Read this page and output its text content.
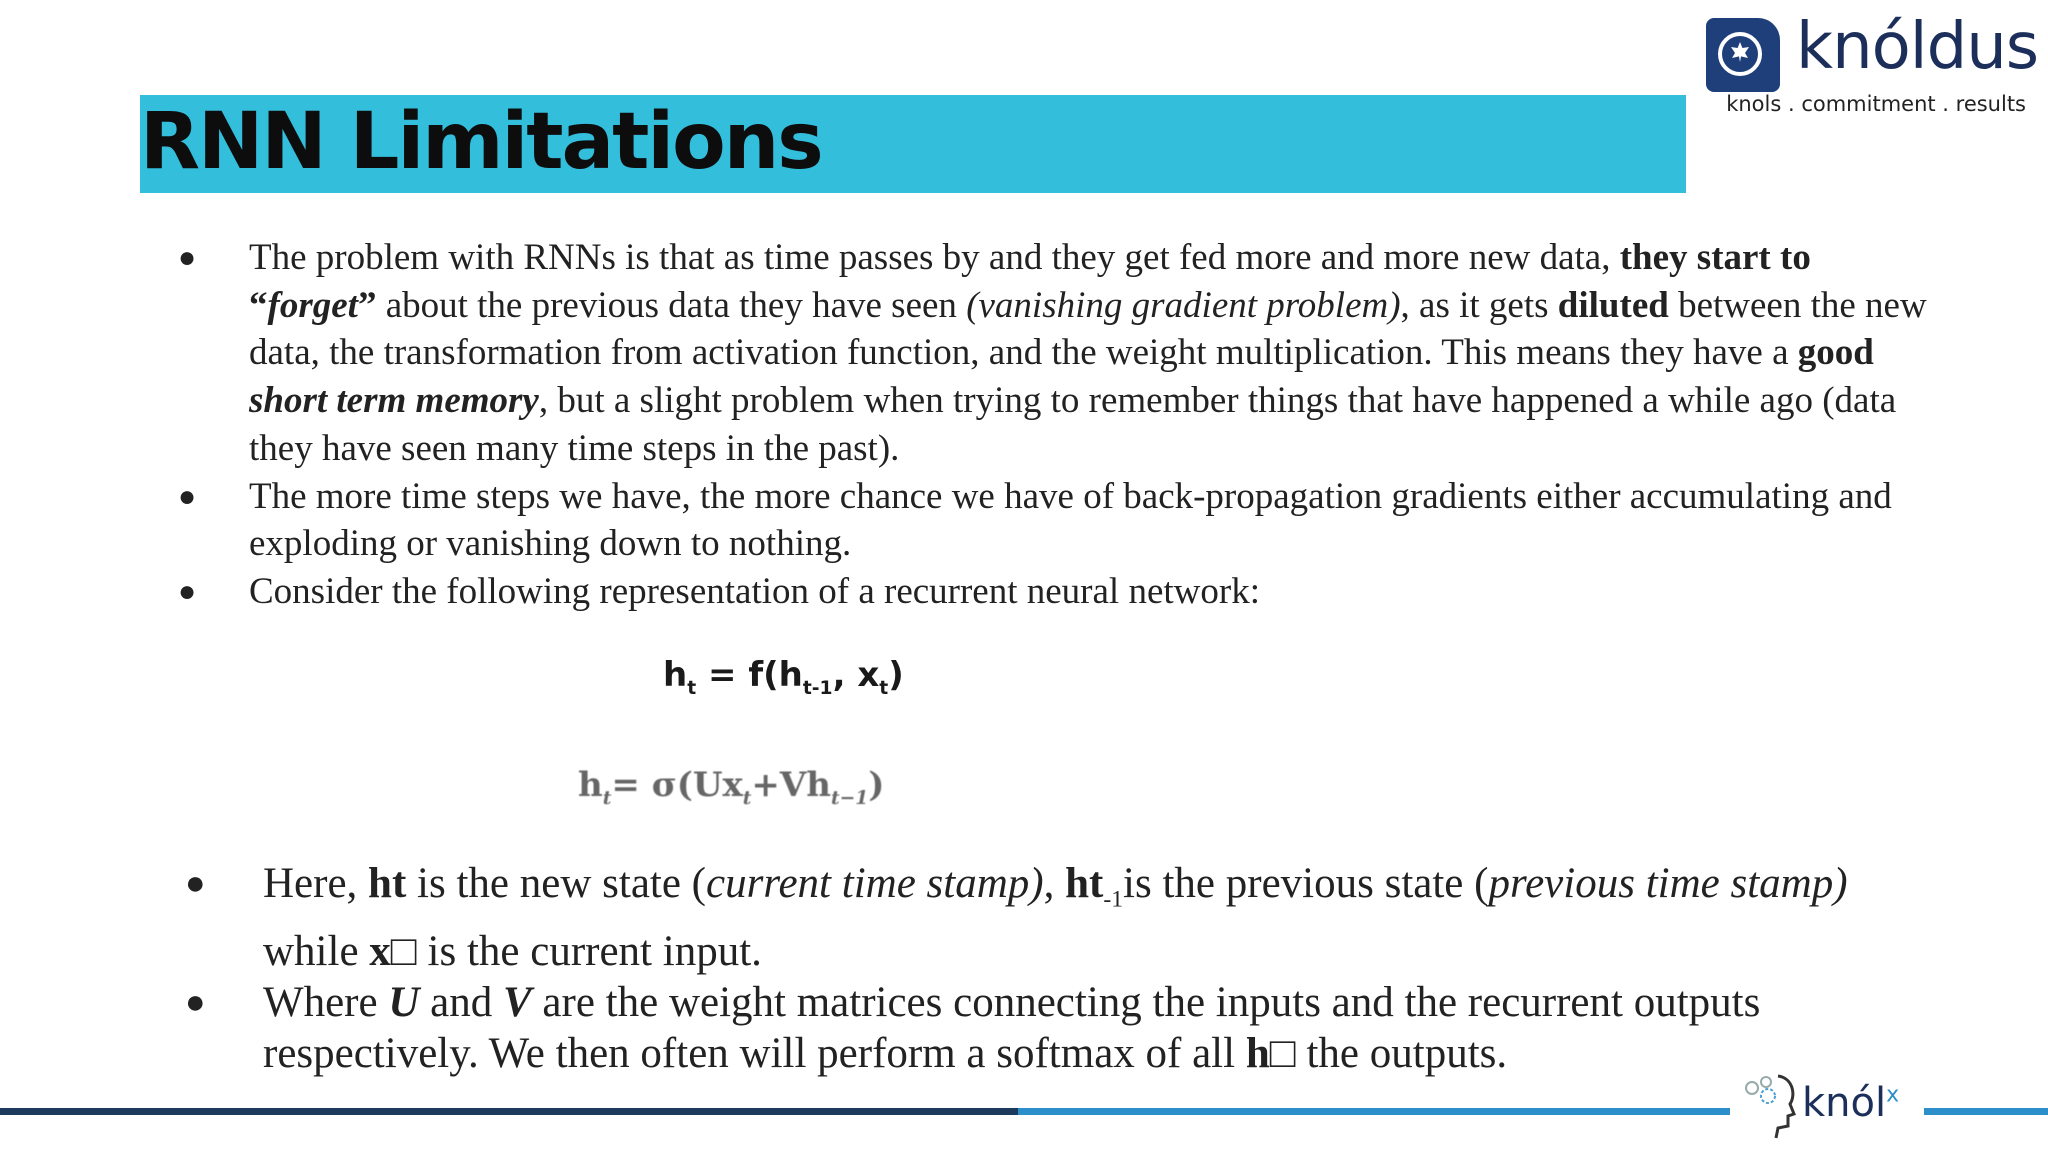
RNN Limitations
knóldus
knols . commitment . results
● The problem with RNNs is that as time passes by and they get fed more and more new data, they start to “forget” about the previous data they have seen (vanishing gradient problem), as it gets diluted between the new data, the transformation from activation function, and the weight multiplication. This means they have a good short term memory, but a slight problem when trying to remember things that have happened a while ago (data they have seen many time steps in the past).
● The more time steps we have, the more chance we have of back-propagation gradients either accumulating and exploding or vanishing down to nothing.
● Consider the following representation of a recurrent neural network:
$h_t = f(h_{t-1}$, $x_t$)
$h_t= \sigma(Ux_t+Vh_{t-1})$
● Here, ht is the new state (current time stamp), $ht_{-1}is$ the previous state (previous time stamp) while x□ is the current input.
● Where U and V are the weight matrices connecting the inputs and the recurrent outputs respectively. We then often will perform a softmax of all h□ the outputs.
knól$^x$
